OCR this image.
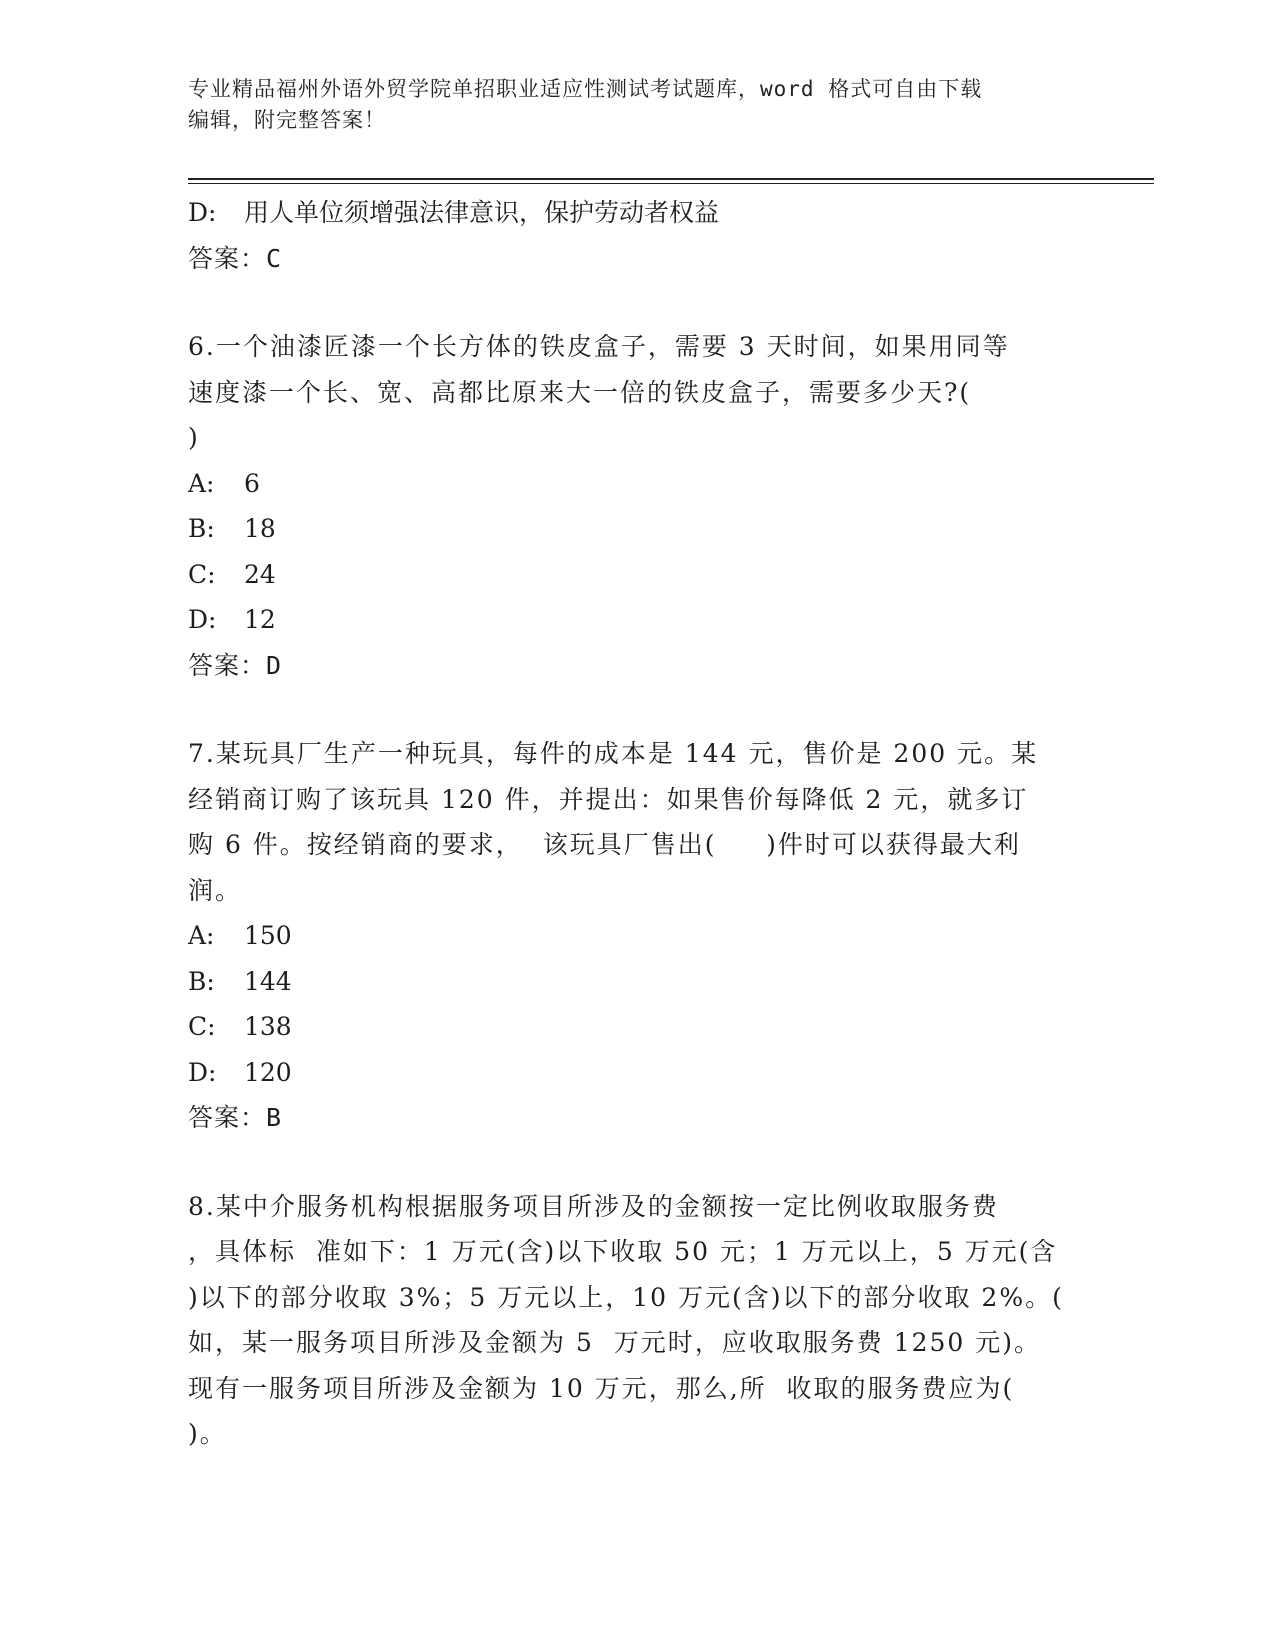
专业精品福州外语外贸学院单招职业适应性测试考试题库，word 格式可自由下载
编辑，附完整答案！
D: 用人单位须增强法律意识，保护劳动者权益
答案：C
6.一个油漆匠漆一个长方体的铁皮盒子，需要 3 天时间，如果用同等
速度漆一个长、宽、高都比原来大一倍的铁皮盒子，需要多少天?(
)
A: 6
B: 18
C: 24
D: 12
答案：D
7.某玩具厂生产一种玩具，每件的成本是 144 元，售价是 200 元。某
经销商订购了该玩具 120 件，并提出：如果售价每降低 2 元，就多订
购 6 件。按经销商的要求，  该玩具厂售出(     )件时可以获得最大利
润。
A: 150
B: 144
C: 138
D: 120
答案：B
8.某中介服务机构根据服务项目所涉及的金额按一定比例收取服务费
，具体标  准如下：1 万元(含)以下收取 50 元；1 万元以上，5 万元(含
)以下的部分收取 3%；5 万元以上，10 万元(含)以下的部分收取 2%。(
如，某一服务项目所涉及金额为 5  万元时，应收取服务费 1250 元)。
现有一服务项目所涉及金额为 10 万元，那么,所  收取的服务费应为(
)。
